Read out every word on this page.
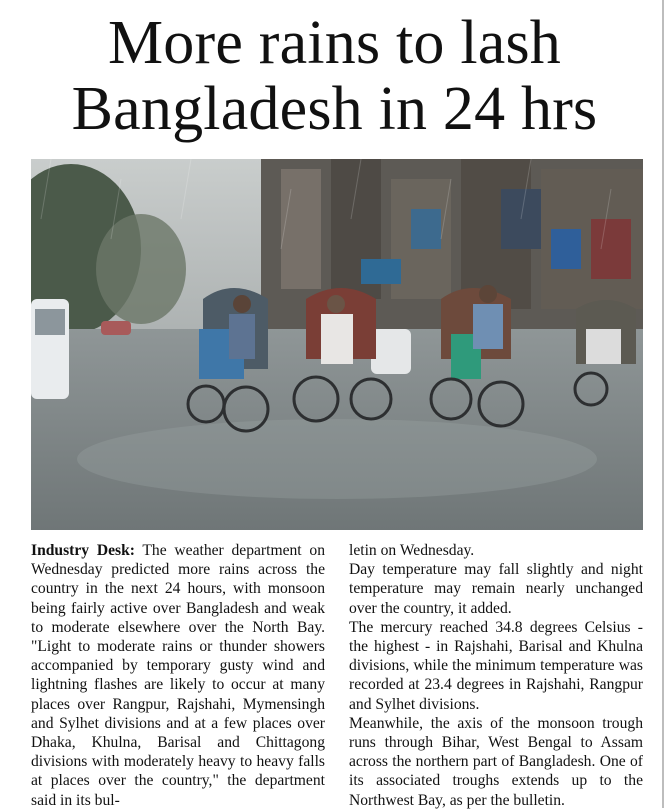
More rains to lash
Bangladesh in 24 hrs

Industry Desk: The weather department on Wednesday predicted more rains across the country in the next 24 hours, with monsoon being fairly active over Bangladesh and weak to moderate elsewhere over the North Bay. "Light to moderate rains or thunder showers accompanied by temporary gusty wind and lightning flashes are likely to occur at many places over Rangpur, Rajshahi, Mymensingh and Sylhet divisions and at a few places over Dhaka, Khulna, Barisal and Chittagong divisions with moderately heavy to heavy falls at places over the country," the department said in its bul-

letin on Wednesday.

Day temperature may fall slightly and night temperature may remain nearly unchanged over the country, it added.

The mercury reached 34.8 degrees Celsius - the highest - in Rajshahi, Barisal and Khulna divisions, while the minimum temperature was recorded at 23.4 degrees in Rajshahi, Rangpur and Sylhet divisions.

Meanwhile, the axis of the monsoon trough runs through Bihar, West Bengal to Assam across the northern part of Bangladesh. One of its associated troughs extends up to the Northwest Bay, as per the bulletin.
